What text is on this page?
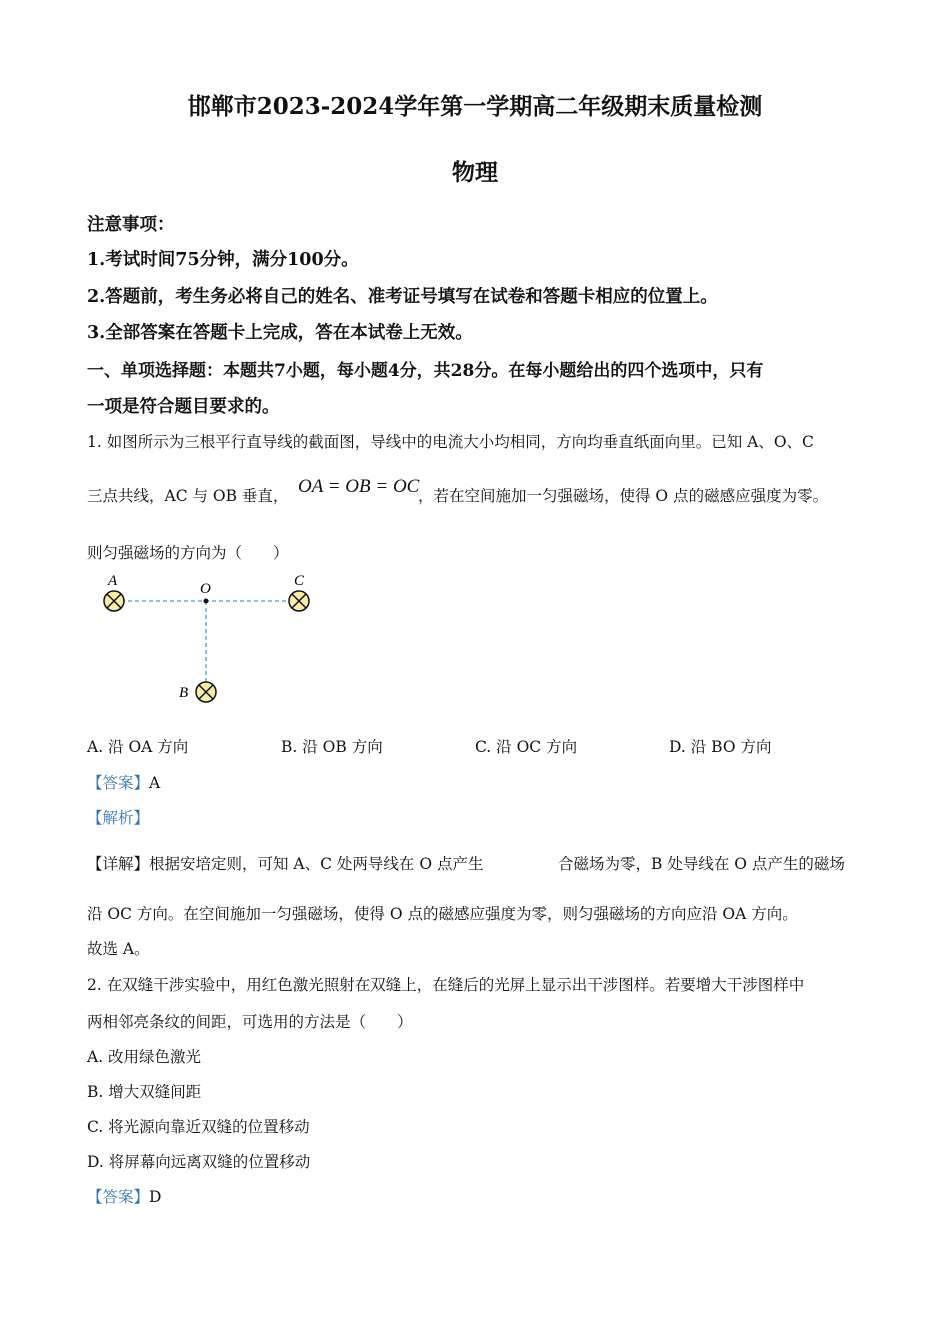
邯郸市2023-2024学年第一学期高二年级期末质量检测
物理
注意事项：
1.考试时间75分钟，满分100分。
2.答题前，考生务必将自己的姓名、准考证号填写在试卷和答题卡相应的位置上。
3.全部答案在答题卡上完成，答在本试卷上无效。
一、单项选择题：本题共7小题，每小题4分，共28分。在每小题给出的四个选项中，只有
一项是符合题目要求的。
1. 如图所示为三根平行直导线的截面图，导线中的电流大小均相同，方向均垂直纸面向里。已知 A、O、C
三点共线，AC 与 OB 垂直， OA = OB = OC
，若在空间施加一匀强磁场，使得 O 点的磁感应强度为零。
则匀强磁场的方向为（　　）
A	O	C
B
A. 沿 OA 方向	B. 沿 OB 方向	C. 沿 OC 方向	D. 沿 BO 方向
【答案】A
【解析】
【详解】根据安培定则，可知 A、C 处两导线在 O 点产生	合磁场为零，B 处导线在 O 点产生的磁场
沿 OC 方向。在空间施加一匀强磁场，使得 O 点的磁感应强度为零，则匀强磁场的方向应沿 OA 方向。
故选 A。
2. 在双缝干涉实验中，用红色激光照射在双缝上，在缝后的光屏上显示出干涉图样。若要增大干涉图样中
两相邻亮条纹的间距，可选用的方法是（　　）
A. 改用绿色激光
B. 增大双缝间距
C. 将光源向靠近双缝的位置移动
D. 将屏幕向远离双缝的位置移动
【答案】D
